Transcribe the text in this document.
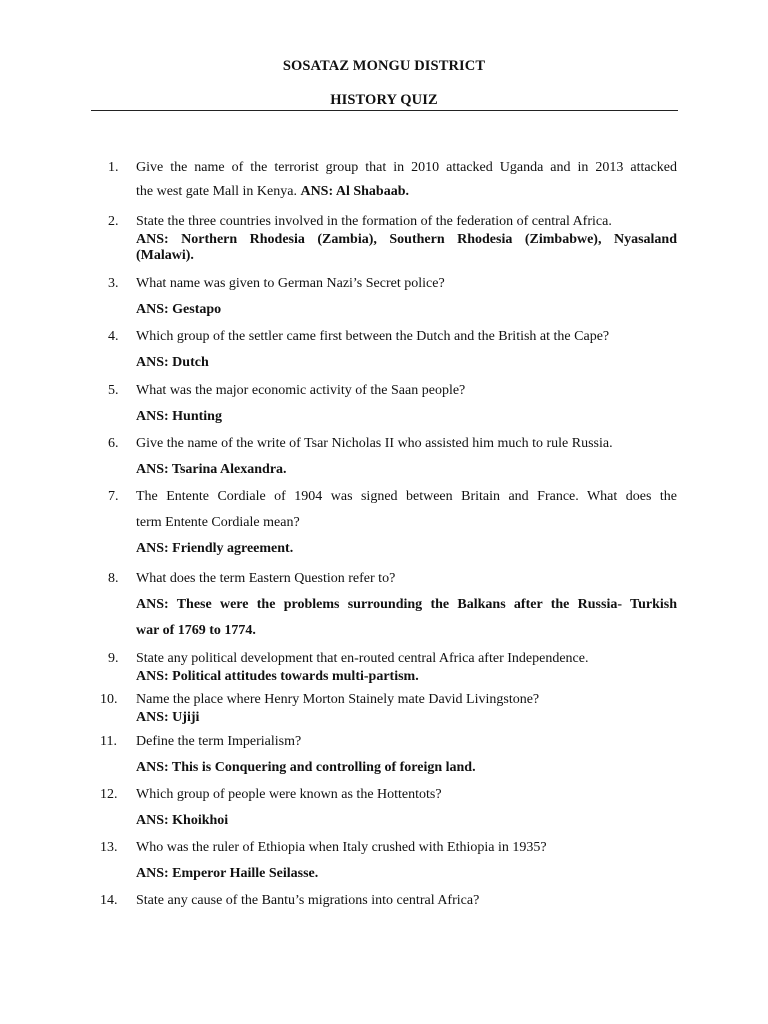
SOSATAZ MONGU DISTRICT
HISTORY QUIZ
1.	Give the name of the terrorist group that in 2010 attacked Uganda and in 2013 attacked
the west gate Mall in Kenya. ANS: Al Shabaab.
2.	State the three countries involved in the formation of the federation of central Africa.
ANS: Northern Rhodesia (Zambia), Southern Rhodesia (Zimbabwe), Nyasaland
(Malawi).
3.	What name was given to German Nazi’s Secret police?
ANS: Gestapo
4.	Which group of the settler came first between the Dutch and the British at the Cape?
ANS: Dutch
5.	What was the major economic activity of the Saan people?
ANS: Hunting
6.	Give the name of the write of Tsar Nicholas II who assisted him much to rule Russia.
ANS: Tsarina Alexandra.
7.	The Entente Cordiale of 1904 was signed between Britain and France. What does the
term Entente Cordiale mean?
ANS: Friendly agreement.
8.	What does the term Eastern Question refer to?
ANS: These were the problems surrounding the Balkans after the Russia- Turkish
war of 1769 to 1774.
9.	State any political development that en-routed central Africa after Independence.
ANS: Political attitudes towards multi-partism.
10.	Name the place where Henry Morton Stainely mate David Livingstone?
ANS: Ujiji
11.	Define the term Imperialism?
ANS: This is Conquering and controlling of foreign land.
12.	Which group of people were known as the Hottentots?
ANS: Khoikhoi
13.	Who was the ruler of Ethiopia when Italy crushed with Ethiopia in 1935?
ANS: Emperor Haille Seilasse.
14.	State any cause of the Bantu’s migrations into central Africa?
